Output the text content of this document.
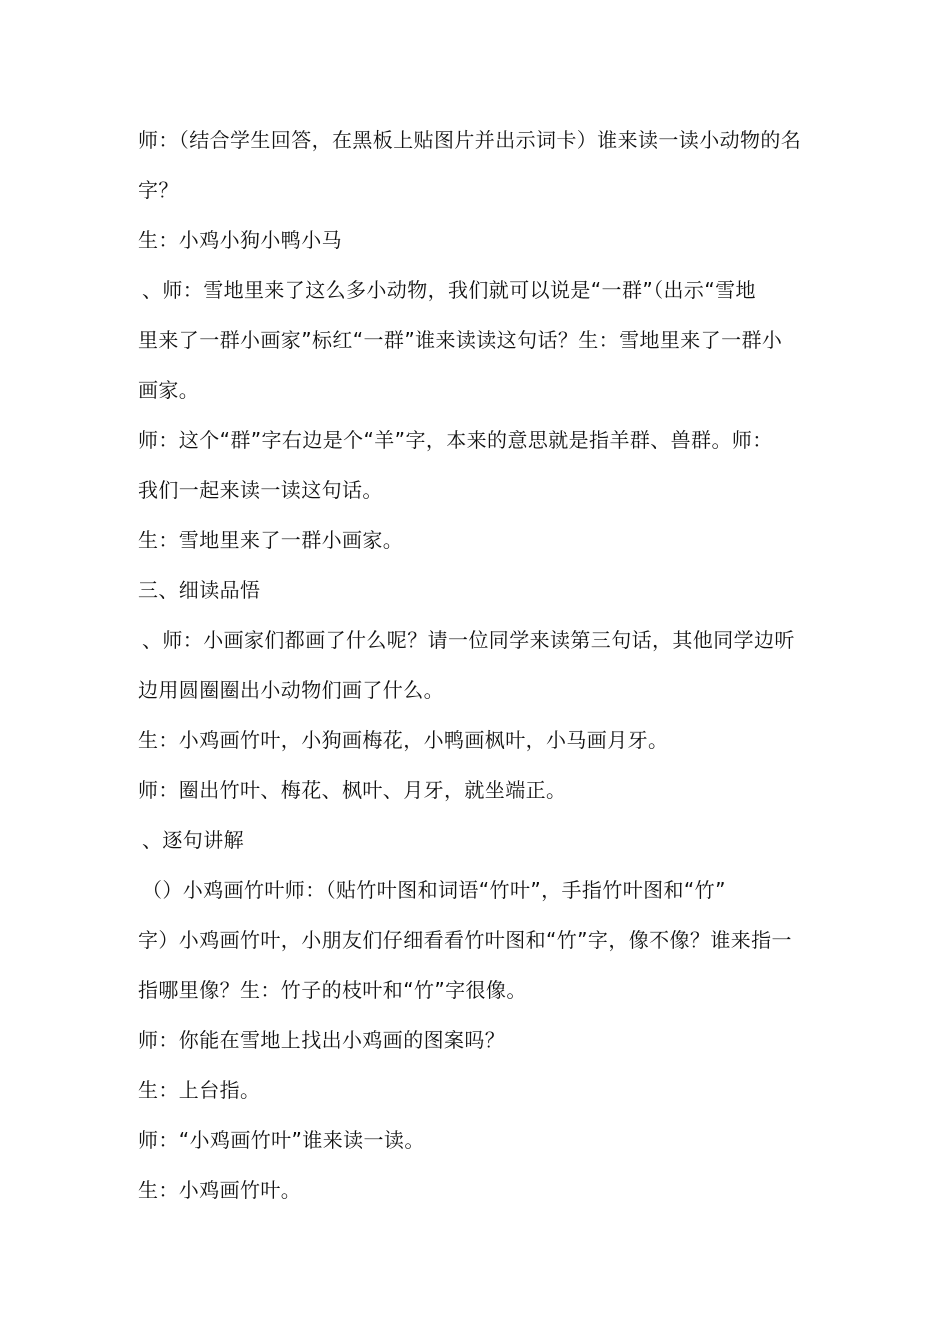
师：（结合学生回答，在黑板上贴图片并出示词卡）谁来读一读小动物的名
字？
生：小鸡小狗小鸭小马
、师：雪地里来了这么多小动物，我们就可以说是“一群”（出示“雪地
里来了一群小画家”标红“一群”谁来读读这句话？生：雪地里来了一群小
画家。
师：这个“群”字右边是个“羊”字，本来的意思就是指羊群、兽群。师：
我们一起来读一读这句话。
生：雪地里来了一群小画家。
三、细读品悟
、师：小画家们都画了什么呢？请一位同学来读第三句话，其他同学边听
边用圆圈圈出小动物们画了什么。
生：小鸡画竹叶，小狗画梅花，小鸭画枫叶，小马画月牙。
师：圈出竹叶、梅花、枫叶、月牙，就坐端正。
、逐句讲解
（）小鸡画竹叶师：（贴竹叶图和词语“竹叶”，手指竹叶图和“竹”
字）小鸡画竹叶，小朋友们仔细看看竹叶图和“竹”字，像不像？谁来指一
指哪里像？生：竹子的枝叶和“竹”字很像。
师：你能在雪地上找出小鸡画的图案吗？
生：上台指。
师：“小鸡画竹叶”谁来读一读。
生：小鸡画竹叶。
